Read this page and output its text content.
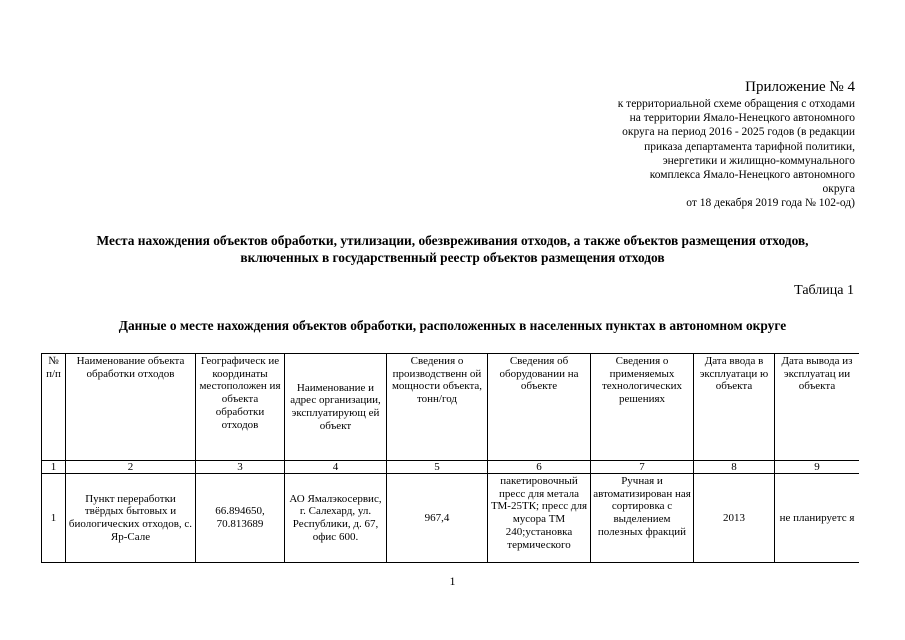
Приложение № 4
к территориальной схеме обращения с отходами
на территории Ямало-Ненецкого автономного
округа на период 2016 - 2025 годов (в редакции
приказа департамента тарифной политики,
энергетики и жилищно-коммунального
комплекса Ямало-Ненецкого автономного
округа
от 18 декабря 2019 года № 102-од)
Места нахождения объектов обработки, утилизации, обезвреживания отходов, а также объектов размещения отходов, включенных в государственный реестр объектов размещения отходов
Таблица 1
Данные о месте нахождения объектов обработки, расположенных в населенных пунктах в автономном округе
№ п/п	Наименование объекта обработки отходов	Географическ ие координаты местоположен ия объекта обработки отходов	Наименование и адрес организации, эксплуатирующ ей объект	Сведения о производственн ой мощности объекта, тонн/год	Сведения об оборудовании на объекте	Сведения о применяемых технологических решениях	Дата ввода в эксплуатаци ю объекта	Дата вывода из эксплуатац ии объекта
1	2	3	4	5	6	7	8	9
1	Пункт переработки твёрдых бытовых и биологических отходов, с. Яр-Сале	66.894650, 70.813689	АО Ямалэкосервис, г. Салехард, ул. Республики, д. 67, офис 600.	967,4	пакетировочный пресс для метала ТМ-25ТК; пресс для мусора ТМ 240;установка термического	Ручная и автоматизирован ная сортировка с выделением полезных фракций	2013	не планируетс я
1
